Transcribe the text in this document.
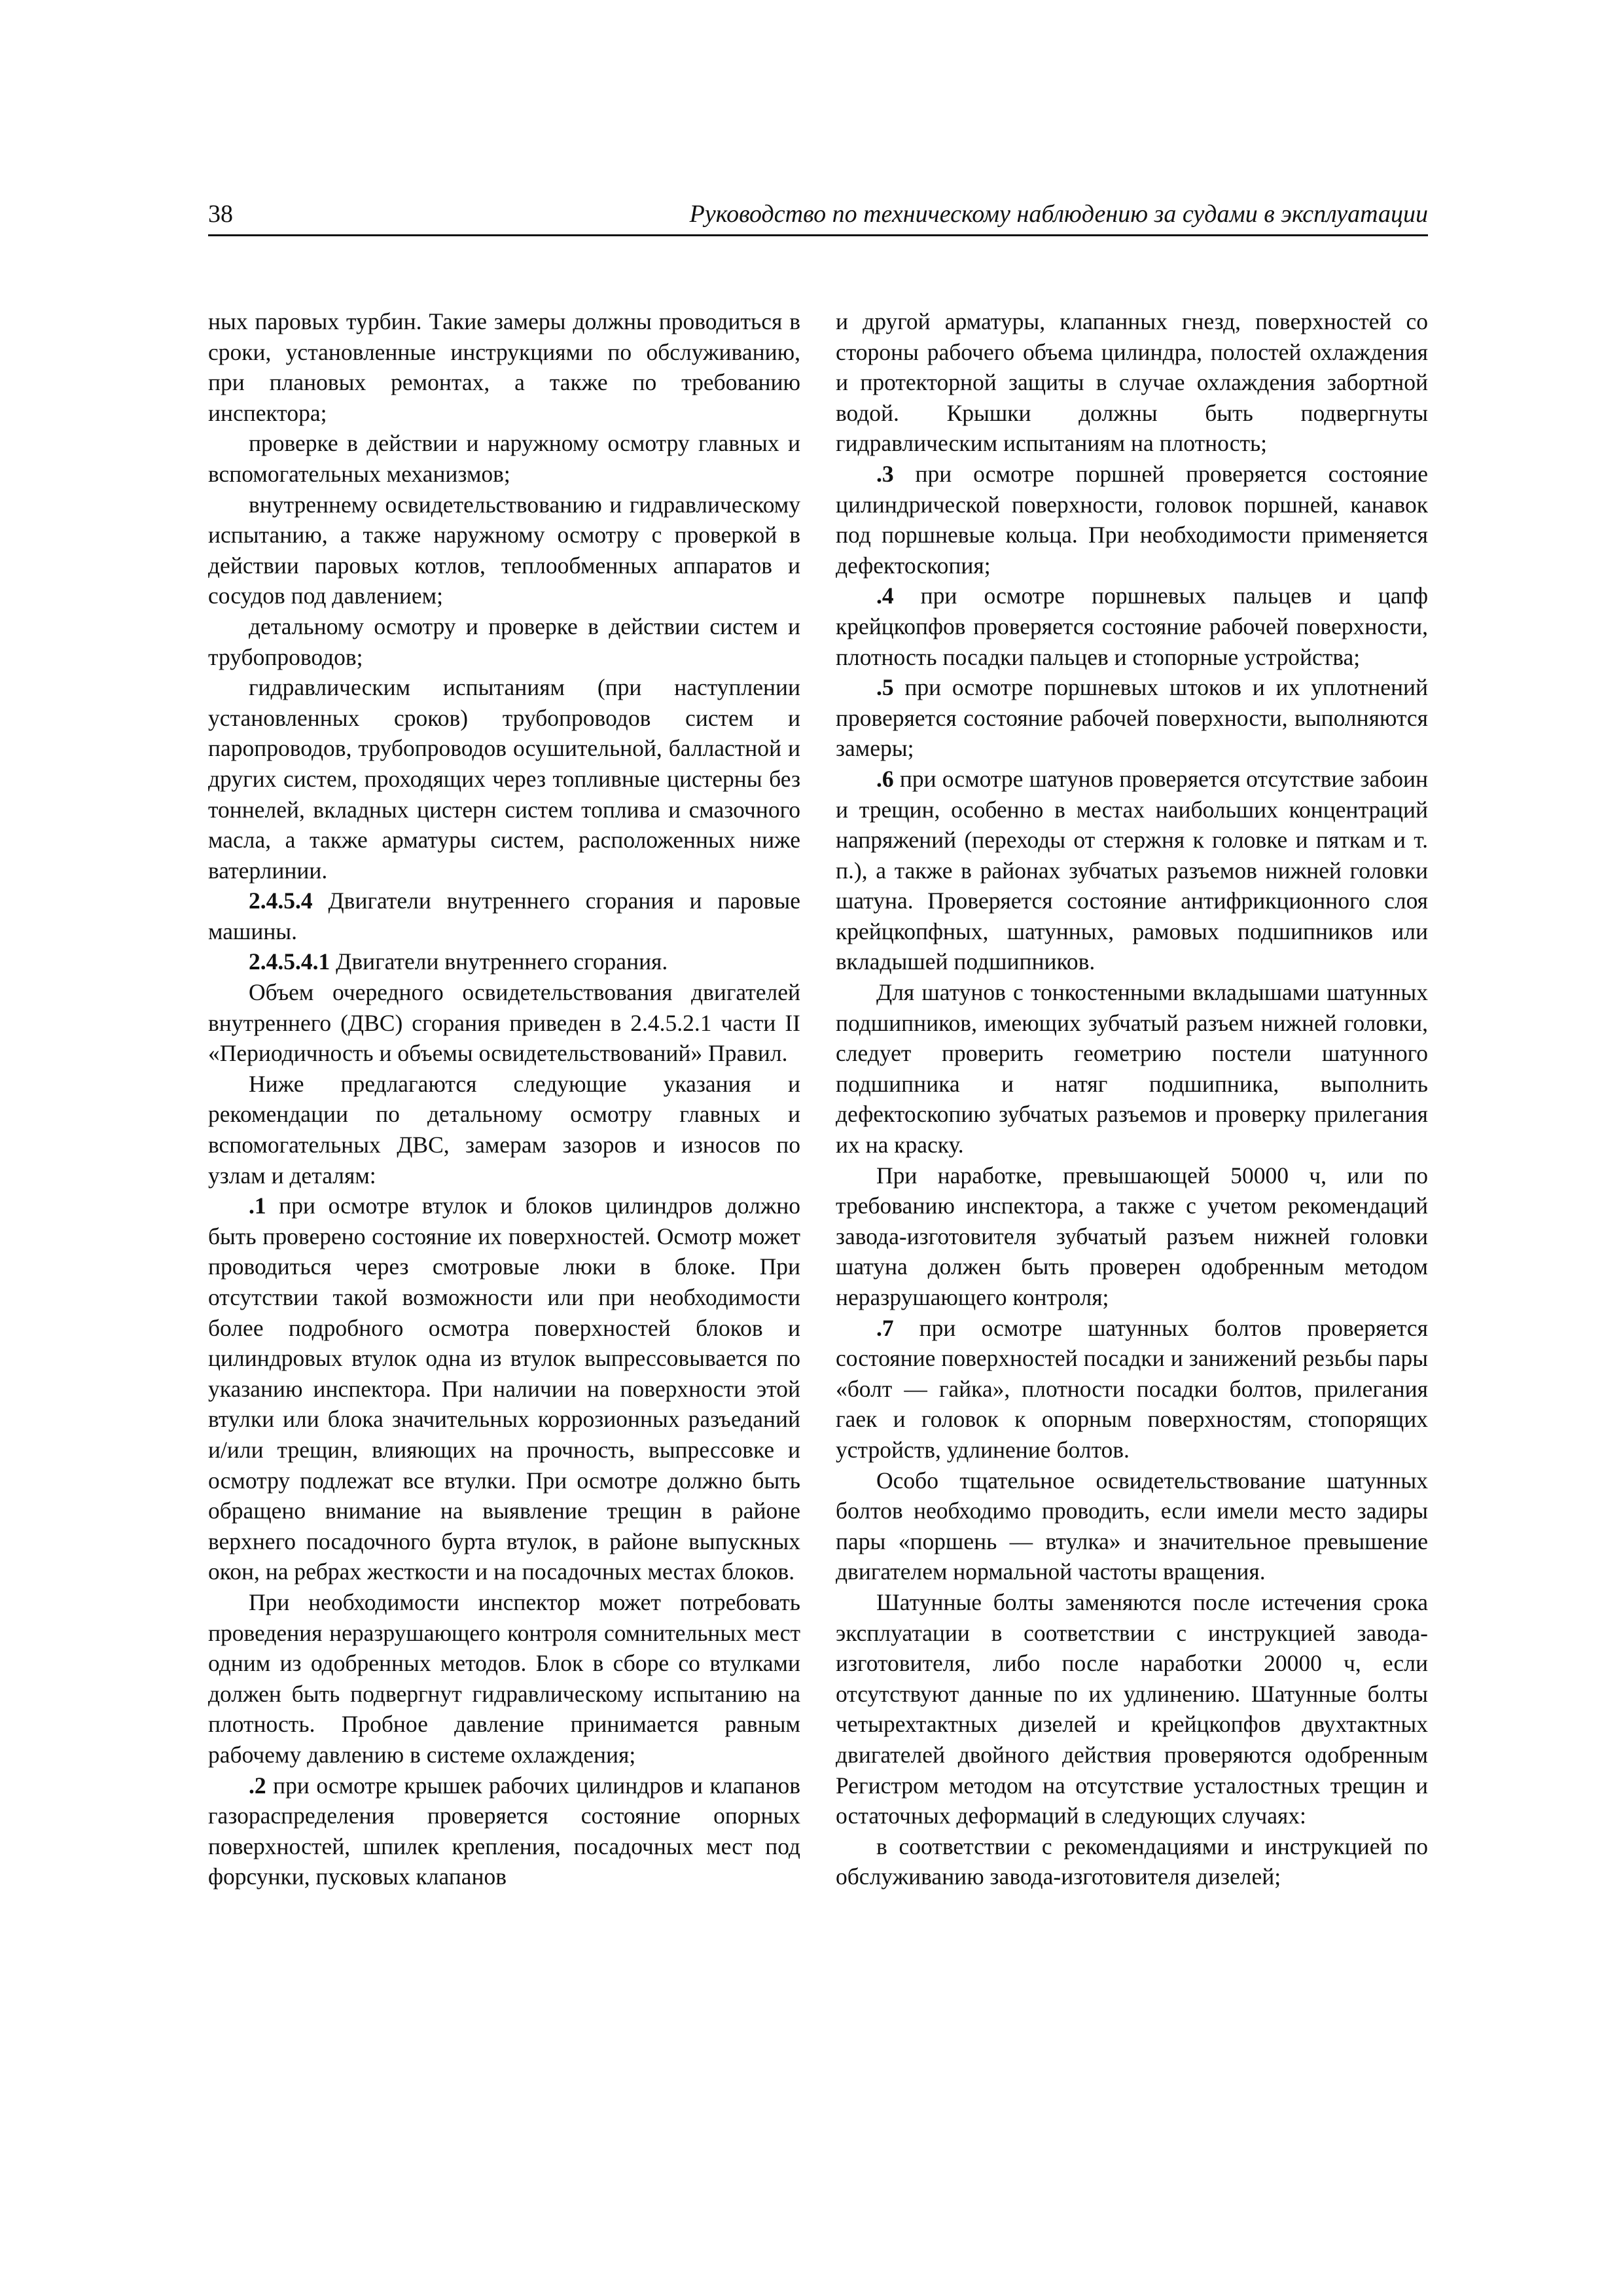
38	Руководство по техническому наблюдению за судами в эксплуатации

ных паровых турбин. Такие замеры должны проводиться в сроки, установленные инструкциями по обслуживанию, при плановых ремонтах, а также по требованию инспектора;

проверке в действии и наружному осмотру главных и вспомогательных механизмов;

внутреннему освидетельствованию и гидравлическому испытанию, а также наружному осмотру с проверкой в действии паровых котлов, теплообменных аппаратов и сосудов под давлением;

детальному осмотру и проверке в действии систем и трубопроводов;

гидравлическим испытаниям (при наступлении установленных сроков) трубопроводов систем и паропроводов, трубопроводов осушительной, балластной и других систем, проходящих через топливные цистерны без тоннелей, вкладных цистерн систем топлива и смазочного масла, а также арматуры систем, расположенных ниже ватерлинии.

2.4.5.4 Двигатели внутреннего сгорания и паровые машины.

2.4.5.4.1 Двигатели внутреннего сгорания.

Объем очередного освидетельствования двигателей внутреннего (ДВС) сгорания приведен в 2.4.5.2.1 части II «Периодичность и объемы освидетельствований» Правил.

Ниже предлагаются следующие указания и рекомендации по детальному осмотру главных и вспомогательных ДВС, замерам зазоров и износов по узлам и деталям:

.1 при осмотре втулок и блоков цилиндров должно быть проверено состояние их поверхностей. Осмотр может проводиться через смотровые люки в блоке. При отсутствии такой возможности или при необходимости более подробного осмотра поверхностей блоков и цилиндровых втулок одна из втулок выпрессовывается по указанию инспектора. При наличии на поверхности этой втулки или блока значительных коррозионных разъеданий и/или трещин, влияющих на прочность, выпрессовке и осмотру подлежат все втулки. При осмотре должно быть обращено внимание на выявление трещин в районе верхнего посадочного бурта втулок, в районе выпускных окон, на ребрах жесткости и на посадочных местах блоков.

При необходимости инспектор может потребовать проведения неразрушающего контроля сомнительных мест одним из одобренных методов. Блок в сборе со втулками должен быть подвергнут гидравлическому испытанию на плотность. Пробное давление принимается равным рабочему давлению в системе охлаждения;

.2 при осмотре крышек рабочих цилиндров и клапанов газораспределения проверяется состояние опорных поверхностей, шпилек крепления, посадочных мест под форсунки, пусковых клапанов

и другой арматуры, клапанных гнезд, поверхностей со стороны рабочего объема цилиндра, полостей охлаждения и протекторной защиты в случае охлаждения забортной водой. Крышки должны быть подвергнуты гидравлическим испытаниям на плотность;

.3 при осмотре поршней проверяется состояние цилиндрической поверхности, головок поршней, канавок под поршневые кольца. При необходимости применяется дефектоскопия;

.4 при осмотре поршневых пальцев и цапф крейцкопфов проверяется состояние рабочей поверхности, плотность посадки пальцев и стопорные устройства;

.5 при осмотре поршневых штоков и их уплотнений проверяется состояние рабочей поверхности, выполняются замеры;

.6 при осмотре шатунов проверяется отсутствие забоин и трещин, особенно в местах наибольших концентраций напряжений (переходы от стержня к головке и пяткам и т. п.), а также в районах зубчатых разъемов нижней головки шатуна. Проверяется состояние антифрикционного слоя крейцкопфных, шатунных, рамовых подшипников или вкладышей подшипников.

Для шатунов с тонкостенными вкладышами шатунных подшипников, имеющих зубчатый разъем нижней головки, следует проверить геометрию постели шатунного подшипника и натяг подшипника, выполнить дефектоскопию зубчатых разъемов и проверку прилегания их на краску.

При наработке, превышающей 50000 ч, или по требованию инспектора, а также с учетом рекомендаций завода-изготовителя зубчатый разъем нижней головки шатуна должен быть проверен одобренным методом неразрушающего контроля;

.7 при осмотре шатунных болтов проверяется состояние поверхностей посадки и занижений резьбы пары «болт — гайка», плотности посадки болтов, прилегания гаек и головок к опорным поверхностям, стопорящих устройств, удлинение болтов.

Особо тщательное освидетельствование шатунных болтов необходимо проводить, если имели место задиры пары «поршень — втулка» и значительное превышение двигателем нормальной частоты вращения.

Шатунные болты заменяются после истечения срока эксплуатации в соответствии с инструкцией завода-изготовителя, либо после наработки 20000 ч, если отсутствуют данные по их удлинению. Шатунные болты четырехтактных дизелей и крейцкопфов двухтактных двигателей двойного действия проверяются одобренным Регистром методом на отсутствие усталостных трещин и остаточных деформаций в следующих случаях:

в соответствии с рекомендациями и инструкцией по обслуживанию завода-изготовителя дизелей;
